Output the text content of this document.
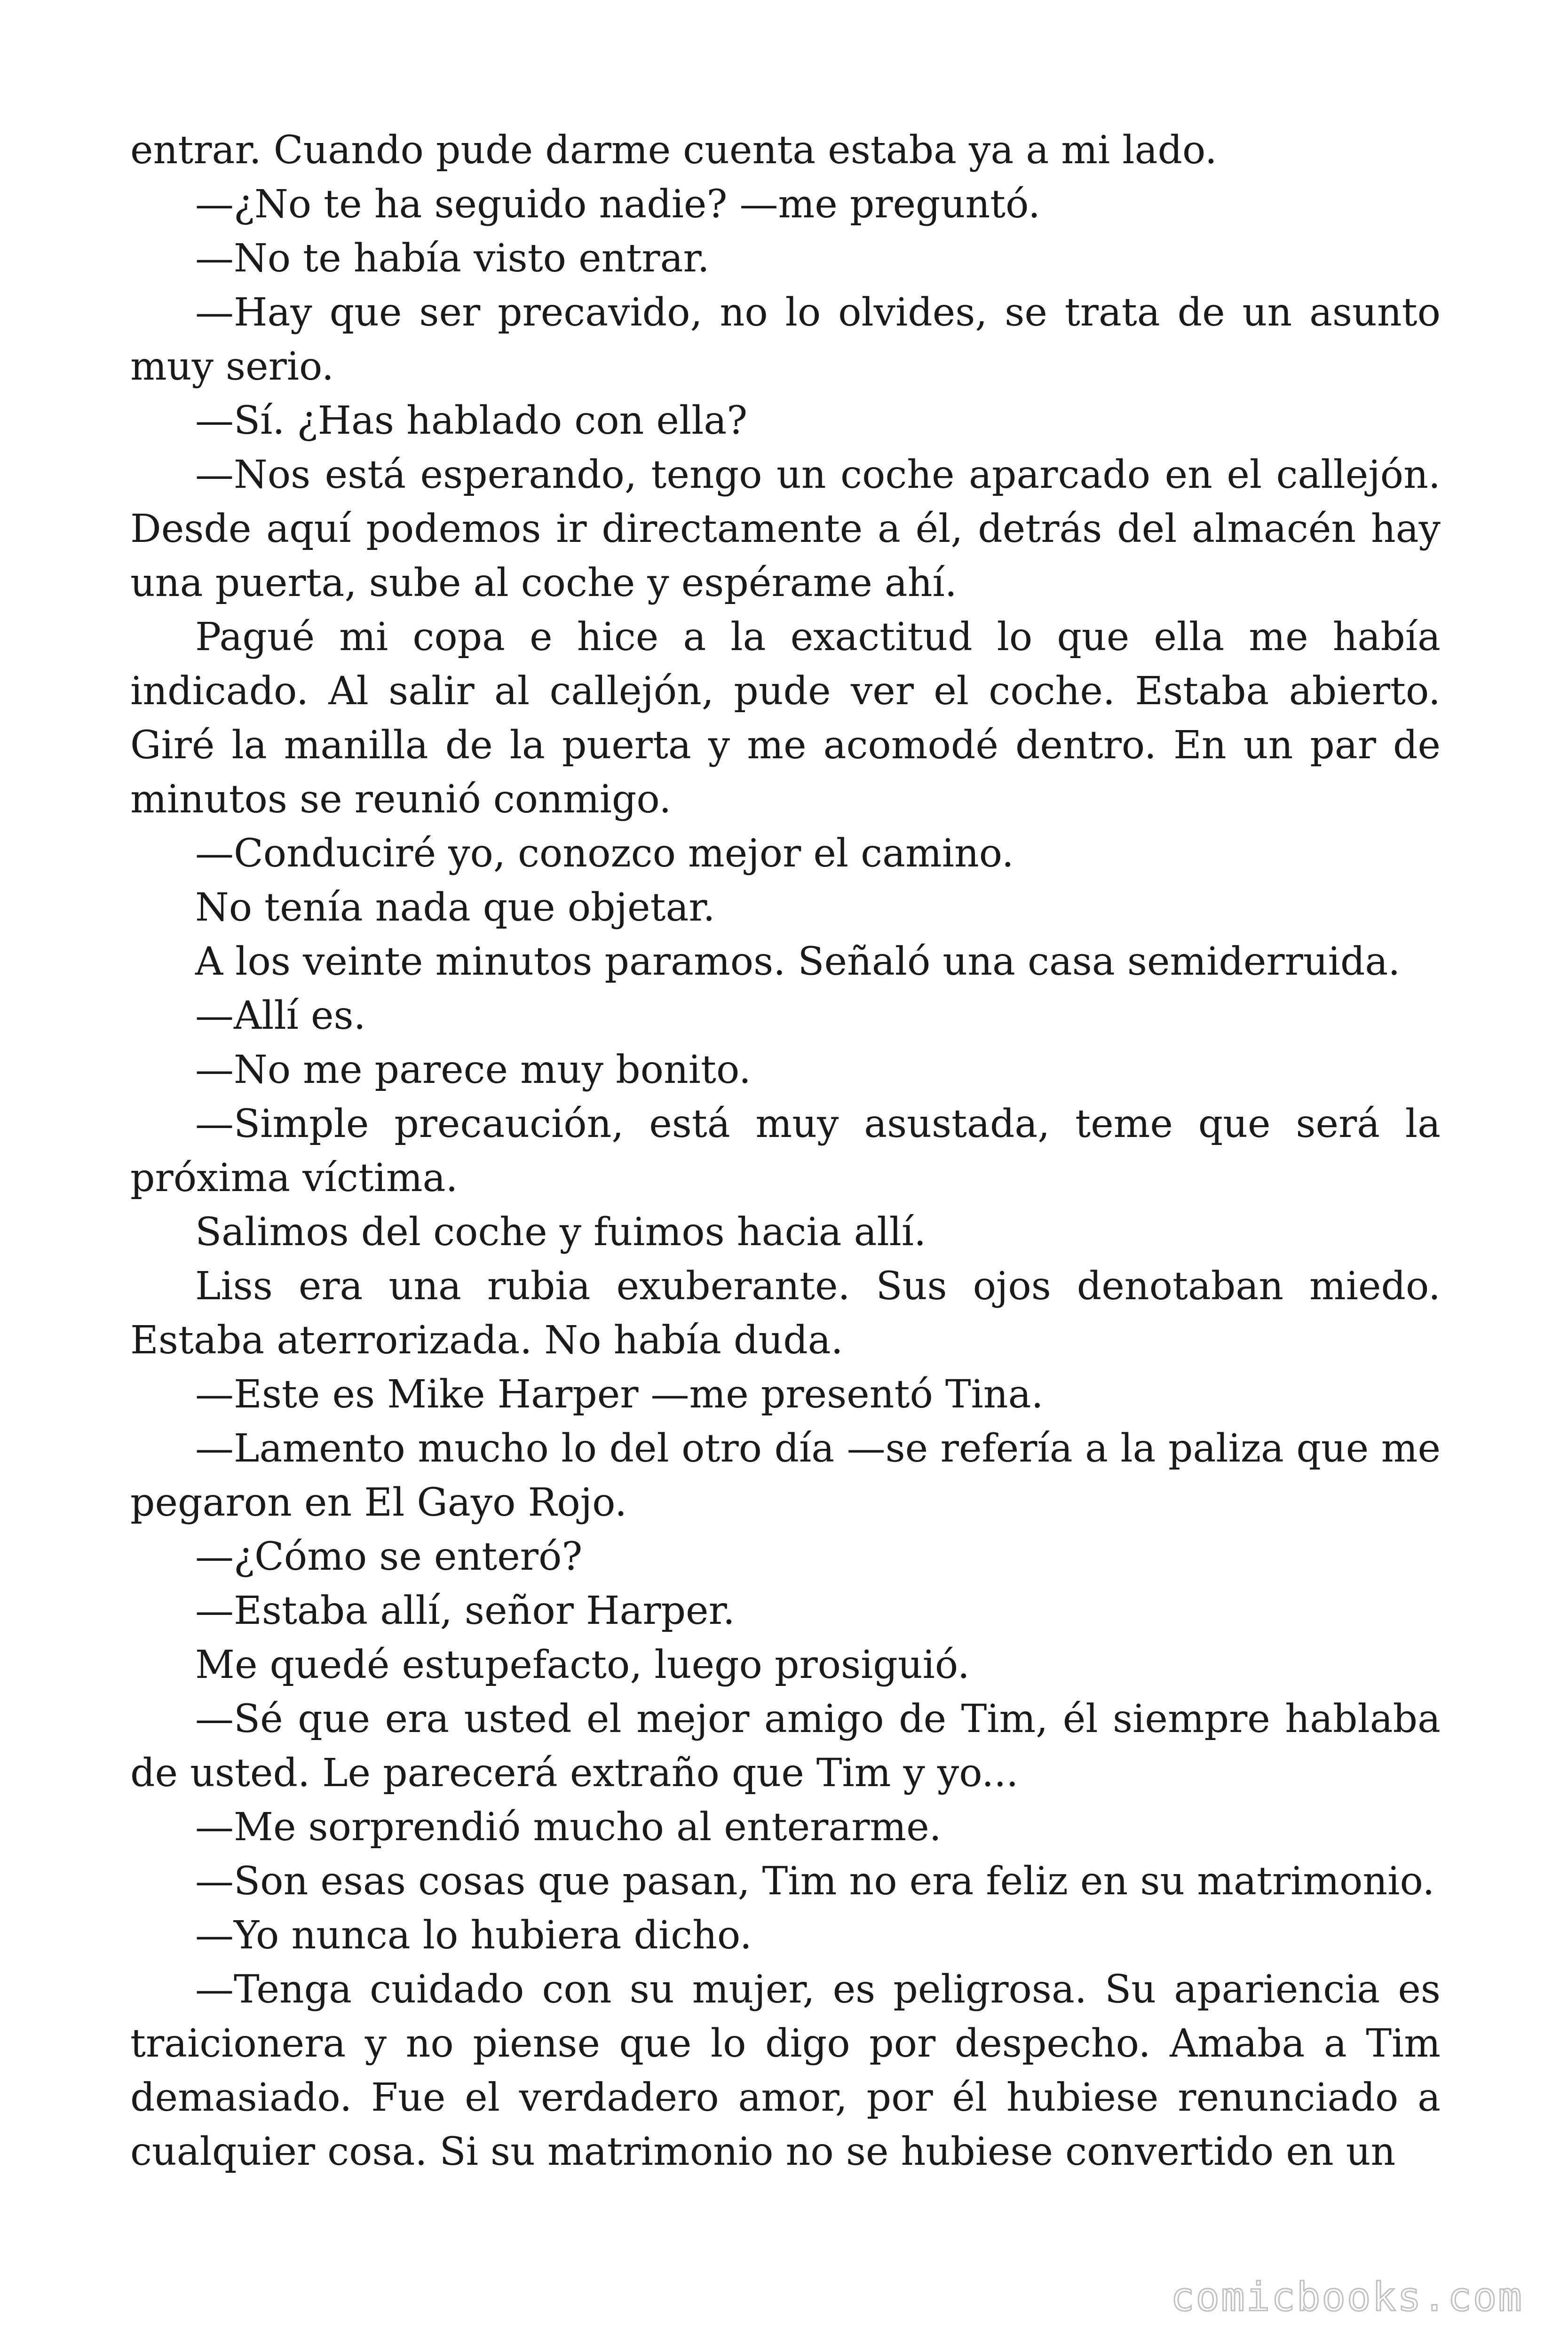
entrar. Cuando pude darme cuenta estaba ya a mi lado.

—¿No te ha seguido nadie? —me preguntó.

—No te había visto entrar.

—Hay que ser precavido, no lo olvides, se trata de un asunto muy serio.

—Sí. ¿Has hablado con ella?

—Nos está esperando, tengo un coche aparcado en el callejón. Desde aquí podemos ir directamente a él, detrás del almacén hay una puerta, sube al coche y espérame ahí.

Pagué mi copa e hice a la exactitud lo que ella me había indicado. Al salir al callejón, pude ver el coche. Estaba abierto. Giré la manilla de la puerta y me acomodé dentro. En un par de minutos se reunió conmigo.

—Conduciré yo, conozco mejor el camino.

No tenía nada que objetar.

A los veinte minutos paramos. Señaló una casa semiderruida.

—Allí es.

—No me parece muy bonito.

—Simple precaución, está muy asustada, teme que será la próxima víctima.

Salimos del coche y fuimos hacia allí.

Liss era una rubia exuberante. Sus ojos denotaban miedo. Estaba aterrorizada. No había duda.

—Este es Mike Harper —me presentó Tina.

—Lamento mucho lo del otro día —se refería a la paliza que me pegaron en El Gayo Rojo.

—¿Cómo se enteró?

—Estaba allí, señor Harper.

Me quedé estupefacto, luego prosiguió.

—Sé que era usted el mejor amigo de Tim, él siempre hablaba de usted. Le parecerá extraño que Tim y yo...

—Me sorprendió mucho al enterarme.

—Son esas cosas que pasan, Tim no era feliz en su matrimonio.

—Yo nunca lo hubiera dicho.

—Tenga cuidado con su mujer, es peligrosa. Su apariencia es traicionera y no piense que lo digo por despecho. Amaba a Tim demasiado. Fue el verdadero amor, por él hubiese renunciado a cualquier cosa. Si su matrimonio no se hubiese convertido en un

comicbooks.com
